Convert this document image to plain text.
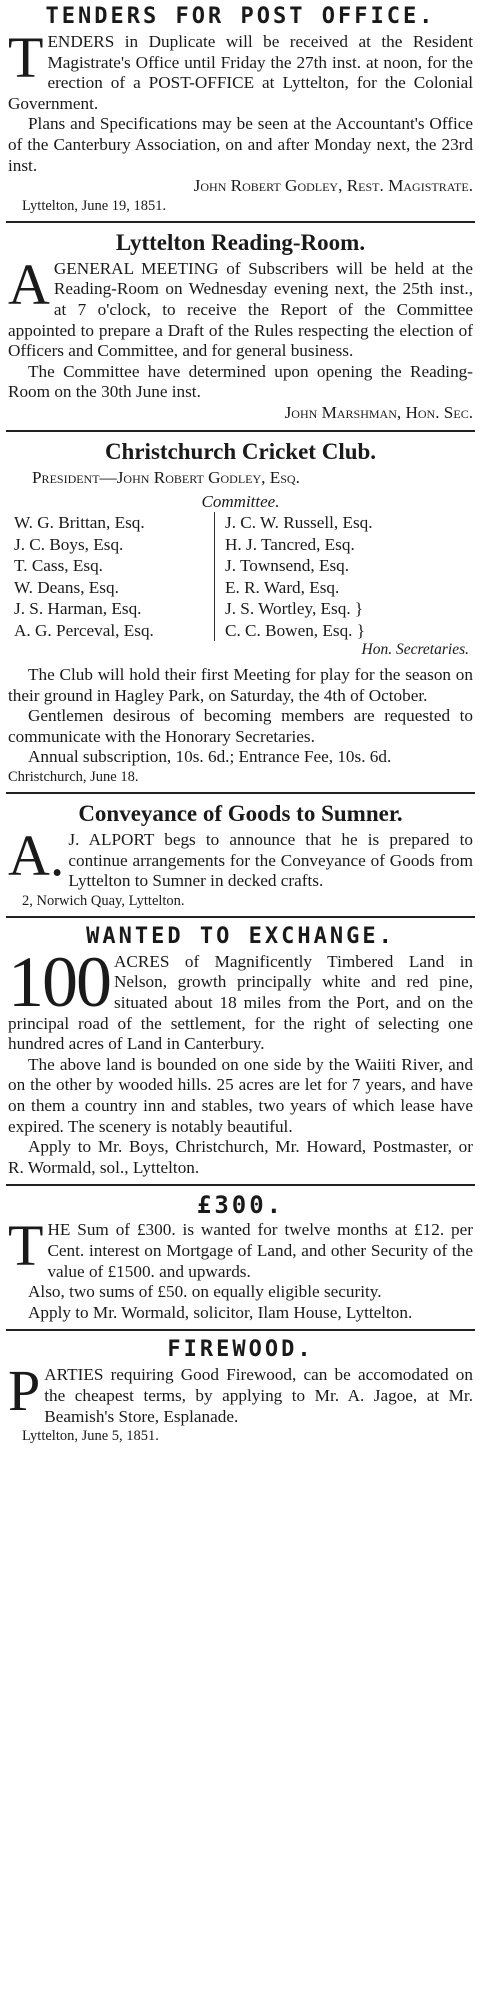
TENDERS FOR POST OFFICE.

TENDERS in Duplicate will be received at the Resident Magistrate's Office until Friday the 27th inst. at noon, for the erection of a POST-OFFICE at Lyttelton, for the Colonial Government.

Plans and Specifications may be seen at the Accountant's Office of the Canterbury Association, on and after Monday next, the 23rd inst.

John Robert Godley, Rest. Magistrate.
Lyttelton, June 19, 1851.
Lyttelton Reading-Room.

AGENERAL MEETING of Subscribers will be held at the Reading-Room on Wednesday evening next, the 25th inst., at 7 o'clock, to receive the Report of the Committee appointed to prepare a Draft of the Rules respecting the election of Officers and Committee, and for general business.

The Committee have determined upon opening the Reading-Room on the 30th June inst.

John Marshman, Hon. Sec.
Christchurch Cricket Club.
President—John Robert Godley, Esq.
Committee.
W. G. Brittan, Esq.
J. C. Boys, Esq.
T. Cass, Esq.
W. Deans, Esq.
J. S. Harman, Esq.
A. G. Perceval, Esq.
J. C. W. Russell, Esq.
H. J. Tancred, Esq.
J. Townsend, Esq.
E. R. Ward, Esq.
J. S. Wortley, Esq. }
C. C. Bowen, Esq. }
Hon. Secretaries.

The Club will hold their first Meeting for play for the season on their ground in Hagley Park, on Saturday, the 4th of October.

Gentlemen desirous of becoming members are requested to communicate with the Honorary Secretaries.

Annual subscription, 10s. 6d.; Entrance Fee, 10s. 6d.

Christchurch, June 18.
Conveyance of Goods to Sumner.

A. J. ALPORT begs to announce that he is prepared to continue arrangements for the Conveyance of Goods from Lyttelton to Sumner in decked crafts.

2, Norwich Quay, Lyttelton.
WANTED TO EXCHANGE.

100 ACRES of Magnificently Timbered Land in Nelson, growth principally white and red pine, situated about 18 miles from the Port, and on the principal road of the settlement, for the right of selecting one hundred acres of Land in Canterbury.

The above land is bounded on one side by the Waiiti River, and on the other by wooded hills. 25 acres are let for 7 years, and have on them a country inn and stables, two years of which lease have expired. The scenery is notably beautiful.

Apply to Mr. Boys, Christchurch, Mr. Howard, Postmaster, or R. Wormald, sol., Lyttelton.

£300.

THE Sum of £300. is wanted for twelve months at £12. per Cent. interest on Mortgage of Land, and other Security of the value of £1500. and upwards.

Also, two sums of £50. on equally eligible security.

Apply to Mr. Wormald, solicitor, Ilam House, Lyttelton.

FIREWOOD.

PARTIES requiring Good Firewood, can be accomodated on the cheapest terms, by applying to Mr. A. Jagoe, at Mr. Beamish's Store, Esplanade.

Lyttelton, June 5, 1851.
